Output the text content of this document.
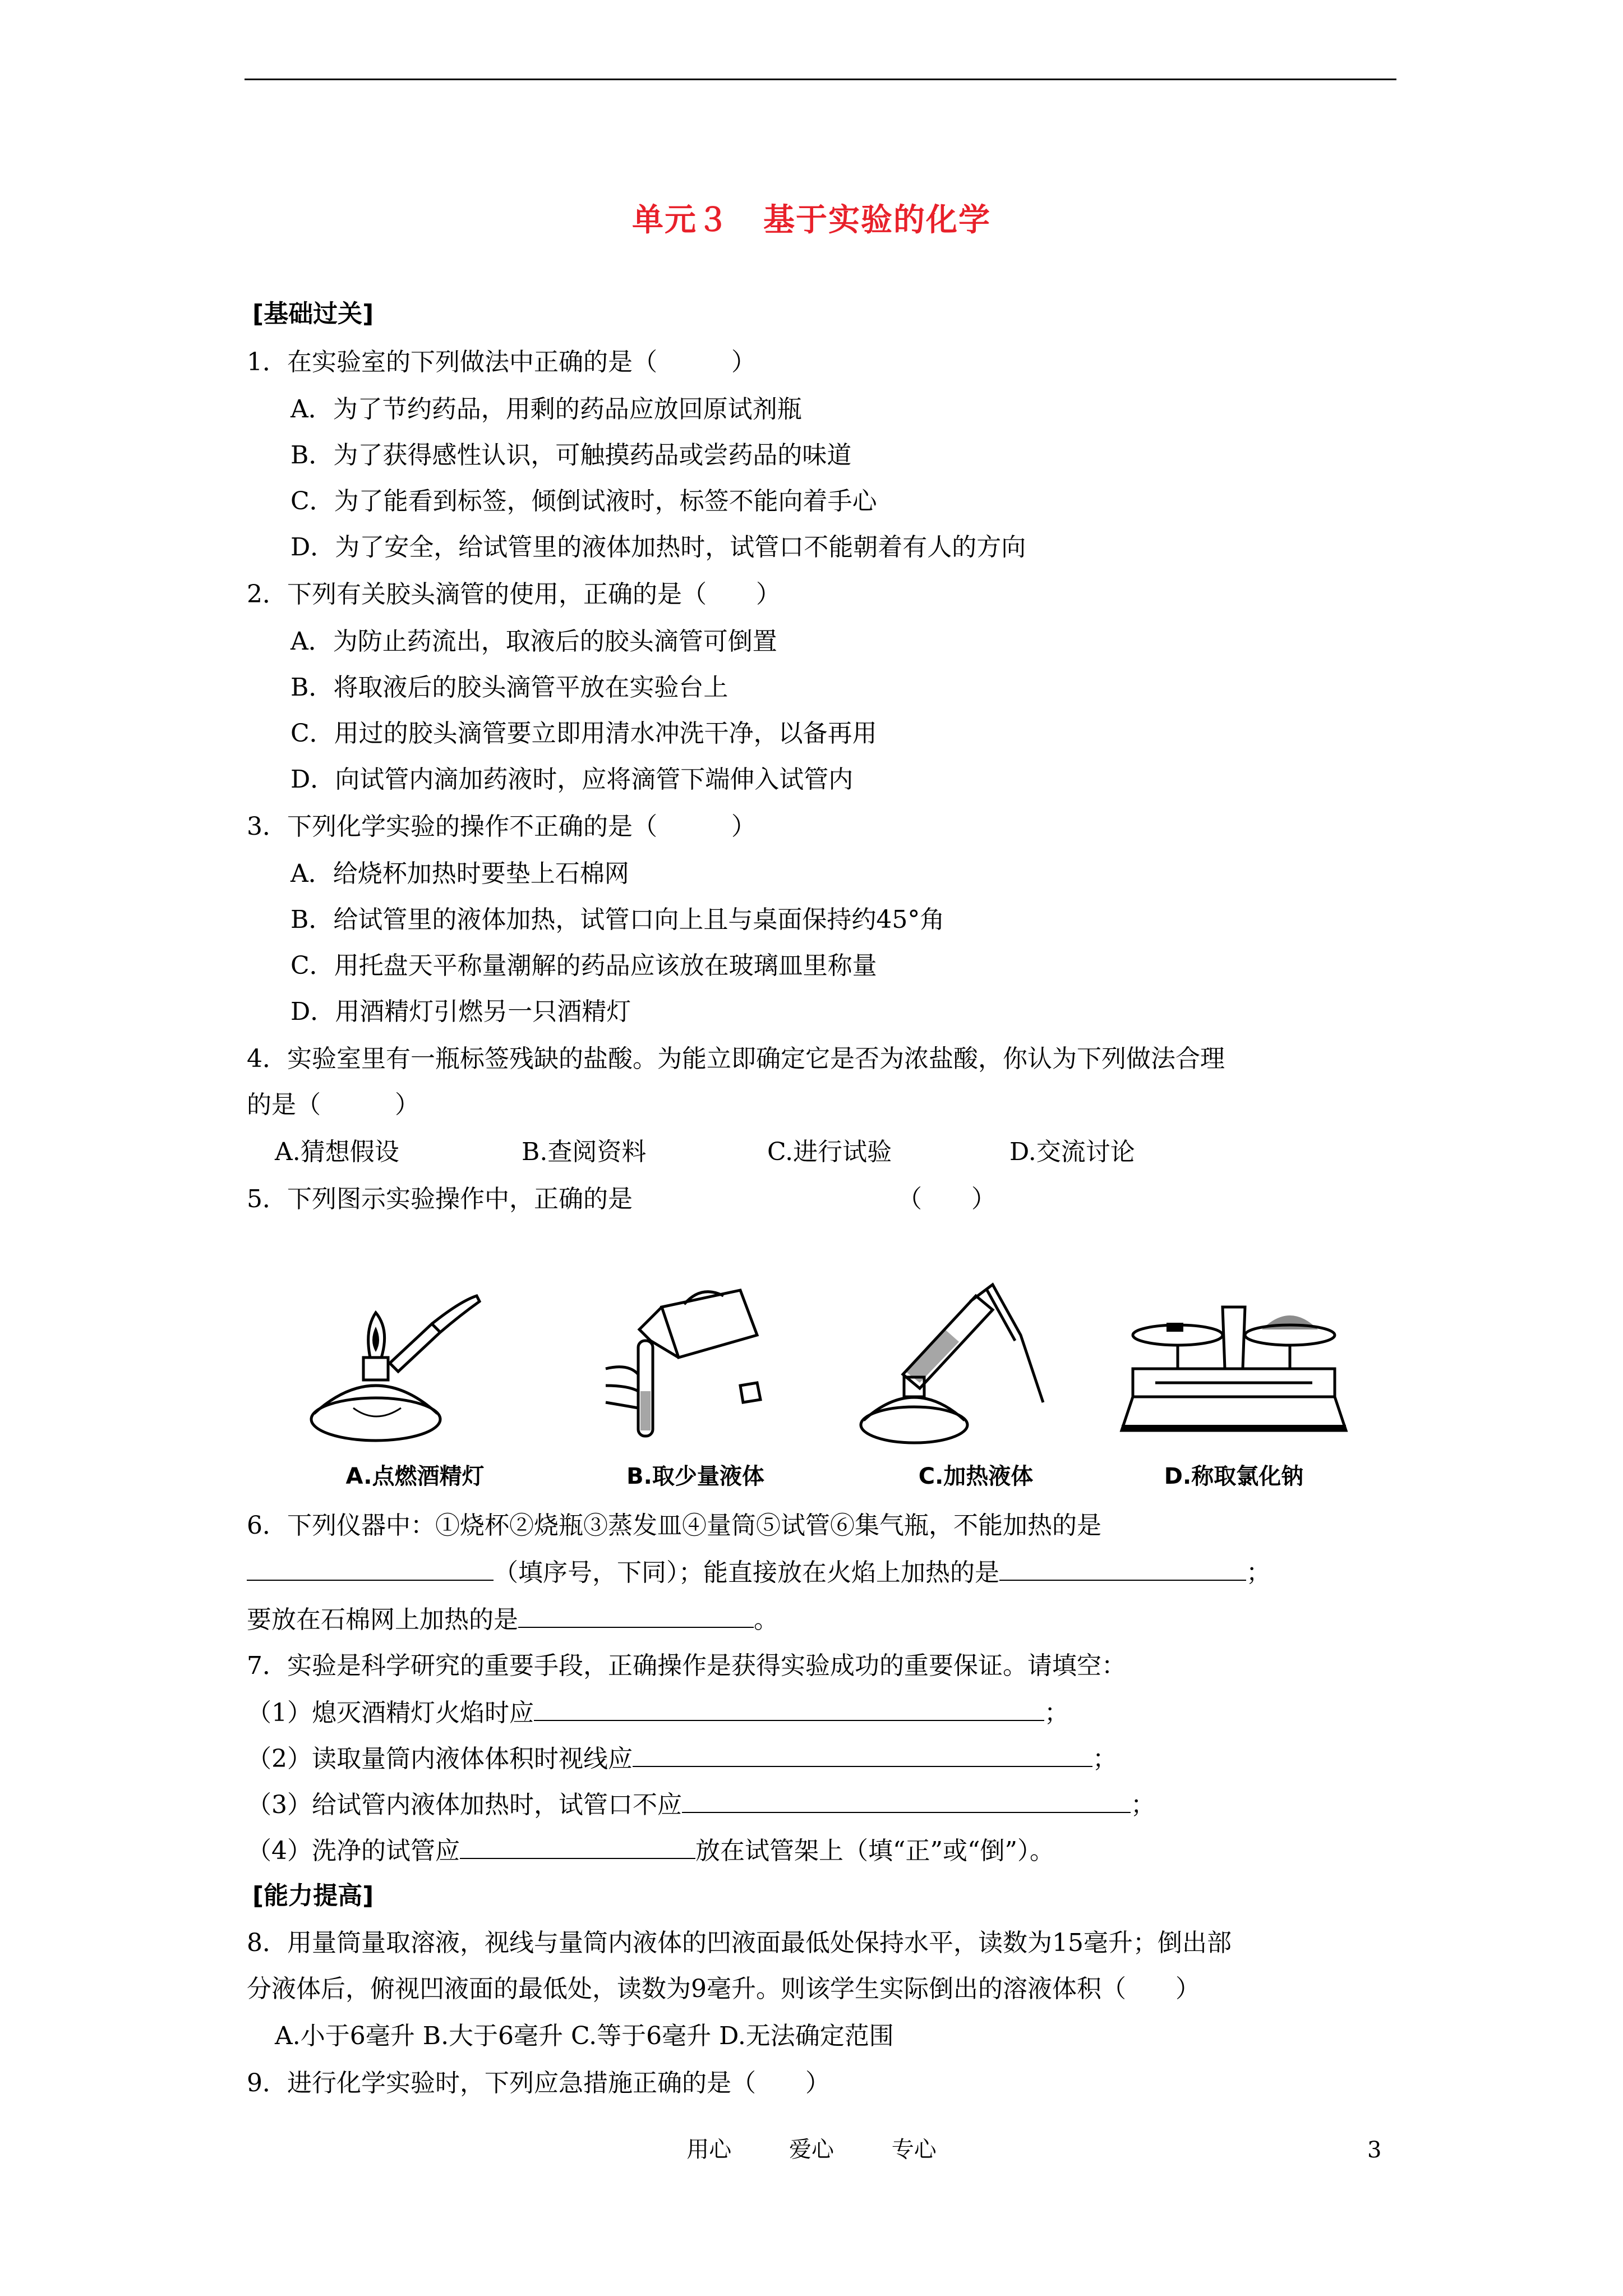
单元３ 基于实验的化学
[基础过关]
1．在实验室的下列做法中正确的是（　　　）
A．为了节约药品，用剩的药品应放回原试剂瓶
B．为了获得感性认识，可触摸药品或尝药品的味道
C．为了能看到标签，倾倒试液时，标签不能向着手心
D．为了安全，给试管里的液体加热时，试管口不能朝着有人的方向
2．下列有关胶头滴管的使用，正确的是（　　）
A．为防止药流出，取液后的胶头滴管可倒置
B．将取液后的胶头滴管平放在实验台上
C．用过的胶头滴管要立即用清水冲洗干净，以备再用
D．向试管内滴加药液时，应将滴管下端伸入试管内
3．下列化学实验的操作不正确的是（　　　）
A．给烧杯加热时要垫上石棉网
B．给试管里的液体加热，试管口向上且与桌面保持约45°角
C．用托盘天平称量潮解的药品应该放在玻璃皿里称量
D．用酒精灯引燃另一只酒精灯
4．实验室里有一瓶标签残缺的盐酸。为能立即确定它是否为浓盐酸，你认为下列做法合理
的是（　　　）
A.猜想假设	B.查阅资料	C.进行试验	D.交流讨论
5．下列图示实验操作中，正确的是	（　　）
A.点燃酒精灯	B.取少量液体	C.加热液体	D.称取氯化钠
6．下列仪器中：①烧杯②烧瓶③蒸发皿④量筒⑤试管⑥集气瓶，不能加热的是
（填序号，下同）；能直接放在火焰上加热的是	；
要放在石棉网上加热的是	。
7．实验是科学研究的重要手段，正确操作是获得实验成功的重要保证。请填空：
（1）熄灭酒精灯火焰时应	；
（2）读取量筒内液体体积时视线应	；
（3）给试管内液体加热时，试管口不应	；
（4）洗净的试管应	放在试管架上（填“正”或“倒”）。
[能力提高]
8．用量筒量取溶液，视线与量筒内液体的凹液面最低处保持水平，读数为15毫升；倒出部
分液体后，俯视凹液面的最低处，读数为9毫升。则该学生实际倒出的溶液体积（　　）
A.小于6毫升 B.大于6毫升 C.等于6毫升 D.无法确定范围
9．进行化学实验时，下列应急措施正确的是（　　）
用心	爱心	专心	3
